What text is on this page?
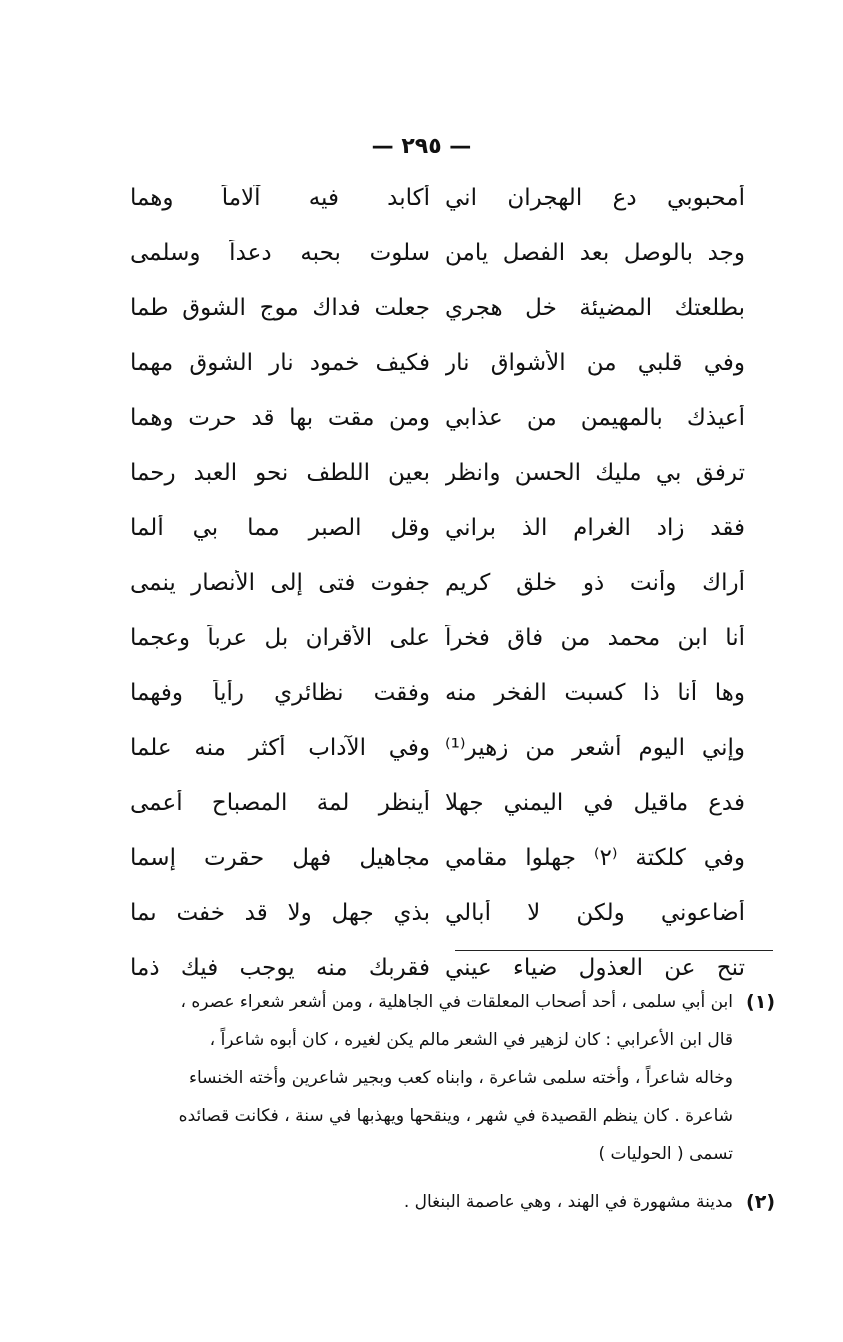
— ٢٩٥ —
أمحبوبي دع الهجران اني
أكابد فيه آلاماً وهما
وجد بالوصل بعد الفصل يامن
سلوت بحبه دعداً وسلمى
بطلعتك المضيئة خل هجري
جعلت فداك موج الشوق طما
وفي قلبي من الأشواق نار
فكيف خمود نار الشوق مهما
أعيذك بالمهيمن من عذابي
ومن مقت بها قد حرت وهما
ترفق بي مليك الحسن وانظر
بعين اللطف نحو العبد رحما
فقد زاد الغرام الذ براني
وقل الصبر مما بي ألما
أراك وأنت ذو خلق كريم
جفوت فتى إلى الأنصار ينمى
أنا ابن محمد من فاق فخراً
على الأقران بل عرباً وعجما
وها أنا ذا كسبت الفخر منه
وفقت نظائري رأياً وفهما
وإني اليوم أشعر من زهير⁽¹⁾
وفي الآداب أكثر منه علما
فدع ماقيل في اليمني جهلا
أينظر لمة المصباح أعمى
وفي كلكتة ⁽٢⁾ جهلوا مقامي
مجاهيل فهل حقرت إسما
أضاعوني ولكن لا أبالي
بذي جهل ولا قد خفت ىما
تنح عن العذول ضياء عيني
فقربك منه يوجب فيك ذما
(١)
ابن أبي سلمى ، أحد أصحاب المعلقات في الجاهلية ، ومن أشعر شعراء عصره ،
قال ابن الأعرابي : كان لزهير في الشعر مالم يكن لغيره ، كان أبوه شاعراً ،
وخاله شاعراً ، وأخته سلمى شاعرة ، وابناه كعب وبجير شاعرين وأخته الخنساء
شاعرة . كان ينظم القصيدة في شهر ، وينقحها ويهذبها في سنة ، فكانت قصائده
تسمى ( الحوليات )
(٢)
مدينة مشهورة في الهند ، وهي عاصمة البنغال .
